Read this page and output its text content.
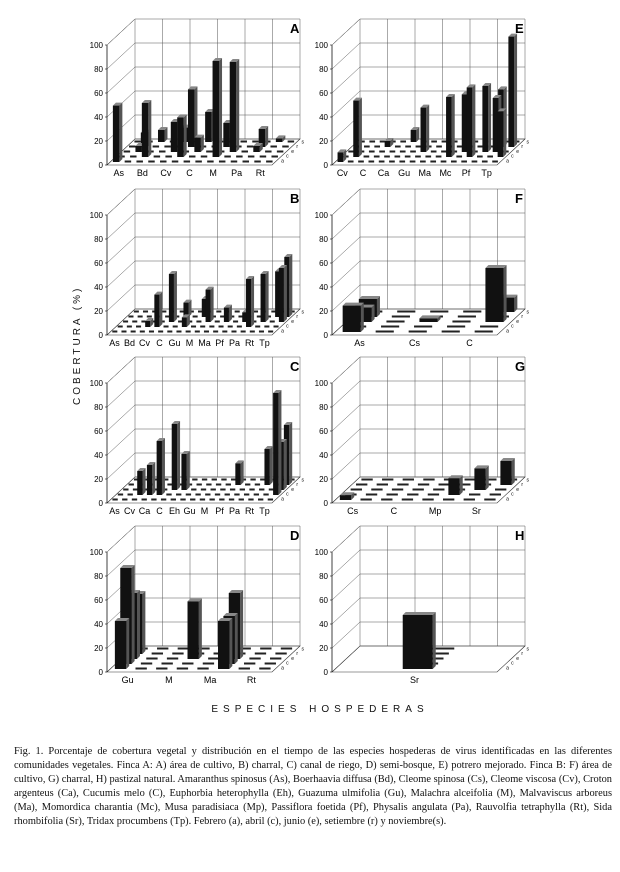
100
80
60
40
20
0	a
c
e
r
s
As Bd Cv C M Pa Rt
A
100
80
60
40
20
0	a
c
e
r
s
Cv C Ca Gu Ma Mc Pf Tp
E
100
80
60
40
20
0	a
c
e
r
s
As Bd Cv C Gu M Ma Pf Pa Rt Tp
B
100
80
60
40
20
0	a
c
e
r
s
As	Cs	C
F
100
80
60
40
20
0	a
c
e
r
s
As Cv Ca C Eh Gu M Pf Pa Rt Tp
C
100
80
60
40
20
0	a
c
e
r
s
Cs	C	Mp	Sr
G
100
80
60
40
20
0	a
c
e
r
s
Gu	M	Ma	Rt
D
100
80
60
40
20
0	a
c
e
r
s
Sr
H
COBERTURA (%)
ESPECIES HOSPEDERAS
Fig. 1. Porcentaje de cobertura vegetal y distribución en el tiempo de las especies hospederas de virus identificadas en las diferentes comunidades vegetales. Finca A: A) área de cultivo, B) charral, C) canal de riego, D) semi-bosque, E) potrero mejorado. Finca B: F) área de cultivo, G) charral, H) pastizal natural. Amaranthus spinosus (As), Boerhaavia diffusa (Bd), Cleome spinosa (Cs), Cleome viscosa (Cv), Croton argenteus (Ca), Cucumis melo (C), Euphorbia heterophylla (Eh), Guazuma ulmifolia (Gu), Malachra alceifolia (M), Malvaviscus arboreus (Ma), Momordica charantia (Mc), Musa paradisiaca (Mp), Passiflora foetida (Pf), Physalis angulata (Pa), Rauvolfia tetraphylla (Rt), Sida rhombifolia (Sr), Tridax procumbens (Tp). Febrero (a), abril (c), junio (e), setiembre (r) y noviembre(s).
